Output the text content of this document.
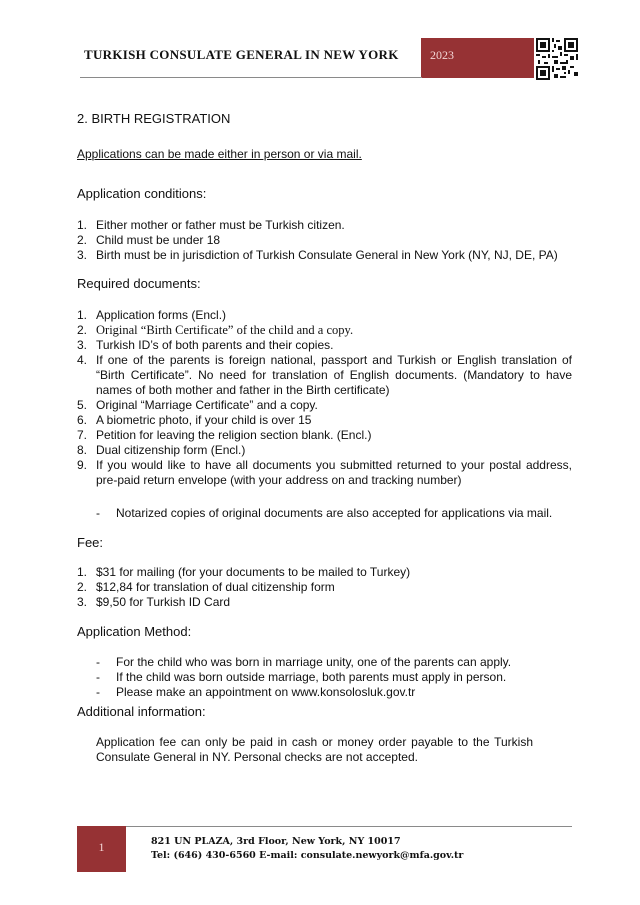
TURKISH CONSULATE GENERAL IN NEW YORK	2023
2. BIRTH REGISTRATION
Applications can be made either in person or via mail.
Application conditions:
1. Either mother or father must be Turkish citizen.
2. Child must be under 18
3. Birth must be in jurisdiction of Turkish Consulate General in New York (NY, NJ, DE, PA)
Required documents:
1. Application forms (Encl.)
2. Original “Birth Certificate” of the child and a copy.
3. Turkish ID’s of both parents and their copies.
4. If one of the parents is foreign national, passport and Turkish or English translation of “Birth Certificate”. No need for translation of English documents. (Mandatory to have names of both mother and father in the Birth certificate)
5. Original “Marriage Certificate” and a copy.
6. A biometric photo, if your child is over 15
7. Petition for leaving the religion section blank. (Encl.)
8. Dual citizenship form (Encl.)
9. If you would like to have all documents you submitted returned to your postal address, pre-paid return envelope (with your address on and tracking number)
- Notarized copies of original documents are also accepted for applications via mail.
Fee:
1. $31 for mailing (for your documents to be mailed to Turkey)
2. $12,84 for translation of dual citizenship form
3. $9,50 for Turkish ID Card
Application Method:
- For the child who was born in marriage unity, one of the parents can apply.
- If the child was born outside marriage, both parents must apply in person.
- Please make an appointment on www.konsolosluk.gov.tr
Additional information:
Application fee can only be paid in cash or money order payable to the Turkish Consulate General in NY. Personal checks are not accepted.
1	821 UN PLAZA, 3rd Floor, New York, NY 10017
Tel: (646) 430-6560 E-mail: consulate.newyork@mfa.gov.tr
